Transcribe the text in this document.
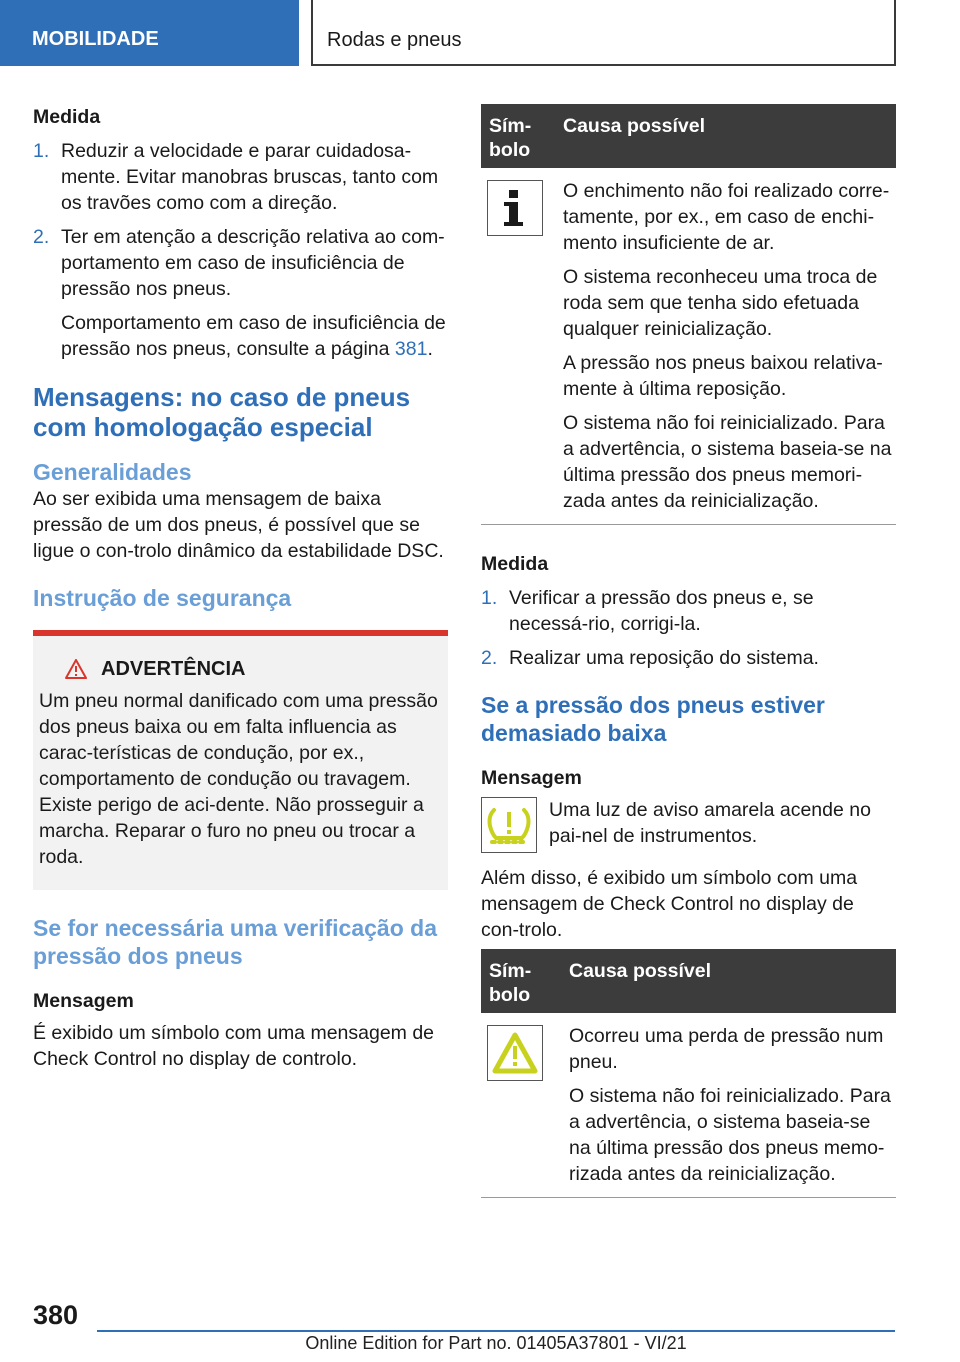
MOBILIDADE	Rodas e pneus
Medida
1. Reduzir a velocidade e parar cuidadosa-mente. Evitar manobras bruscas, tanto com os travões como com a direção.

2. Ter em atenção a descrição relativa ao com-portamento em caso de insuficiência de pressão nos pneus.

Comportamento em caso de insuficiência de pressão nos pneus, consulte a página 381.

Mensagens: no caso de pneus com homologação especial
Generalidades

Ao ser exibida uma mensagem de baixa pressão de um dos pneus, é possível que se ligue o con-trolo dinâmico da estabilidade DSC.

Instrução de segurança
ADVERTÊNCIA

Um pneu normal danificado com uma pressão dos pneus baixa ou em falta influencia as carac-terísticas de condução, por ex., comportamento de condução ou travagem. Existe perigo de aci-dente. Não prosseguir a marcha. Reparar o furo no pneu ou trocar a roda.

Se for necessária uma verificação da pressão dos pneus
Mensagem

É exibido um símbolo com uma mensagem de Check Control no display de controlo.

Sím-bolo
Causa possível

O enchimento não foi realizado corre-tamente, por ex., em caso de enchi-mento insuficiente de ar.

O sistema reconheceu uma troca de roda sem que tenha sido efetuada qualquer reinicialização.

A pressão nos pneus baixou relativa-mente à última reposição.

O sistema não foi reinicializado. Para a advertência, o sistema baseia-se na última pressão dos pneus memori-zada antes da reinicialização.

Medida
1. Verificar a pressão dos pneus e, se necessá-rio, corrigi-la.

2. Realizar uma reposição do sistema.

Se a pressão dos pneus estiver demasiado baixa
Mensagem

Uma luz de aviso amarela acende no pai-nel de instrumentos.

Além disso, é exibido um símbolo com uma mensagem de Check Control no display de con-trolo.

Sím-bolo
Causa possível

Ocorreu uma perda de pressão num pneu.

O sistema não foi reinicializado. Para a advertência, o sistema baseia-se na última pressão dos pneus memo-rizada antes da reinicialização.

380
Online Edition for Part no. 01405A37801 - VI/21
